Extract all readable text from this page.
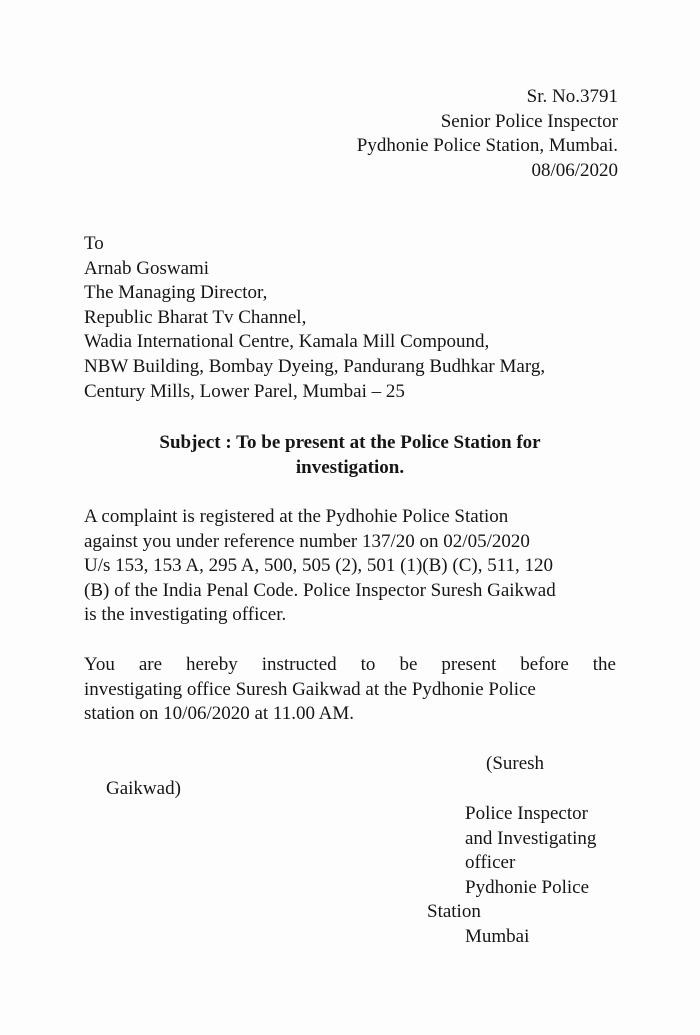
Sr. No.3791
Senior Police Inspector
Pydhonie Police Station, Mumbai.
08/06/2020
To
Arnab Goswami
The Managing Director,
Republic Bharat Tv Channel,
Wadia International Centre, Kamala Mill Compound,
NBW Building, Bombay Dyeing, Pandurang Budhkar Marg,
Century Mills, Lower Parel, Mumbai – 25
Subject : To be present at the Police Station for
investigation.
A complaint is registered at the Pydhohie Police Station
against you under reference number 137/20 on 02/05/2020
U/s 153, 153 A, 295 A, 500, 505 (2), 501 (1)(B) (C), 511, 120
(B) of the India Penal Code. Police Inspector Suresh Gaikwad
is the investigating officer.
You are hereby instructed to be present before the
investigating office Suresh Gaikwad at the Pydhonie Police
station on 10/06/2020 at 11.00 AM.
(Suresh
Gaikwad)
Police Inspector
and Investigating
officer
Pydhonie Police
Station
Mumbai
